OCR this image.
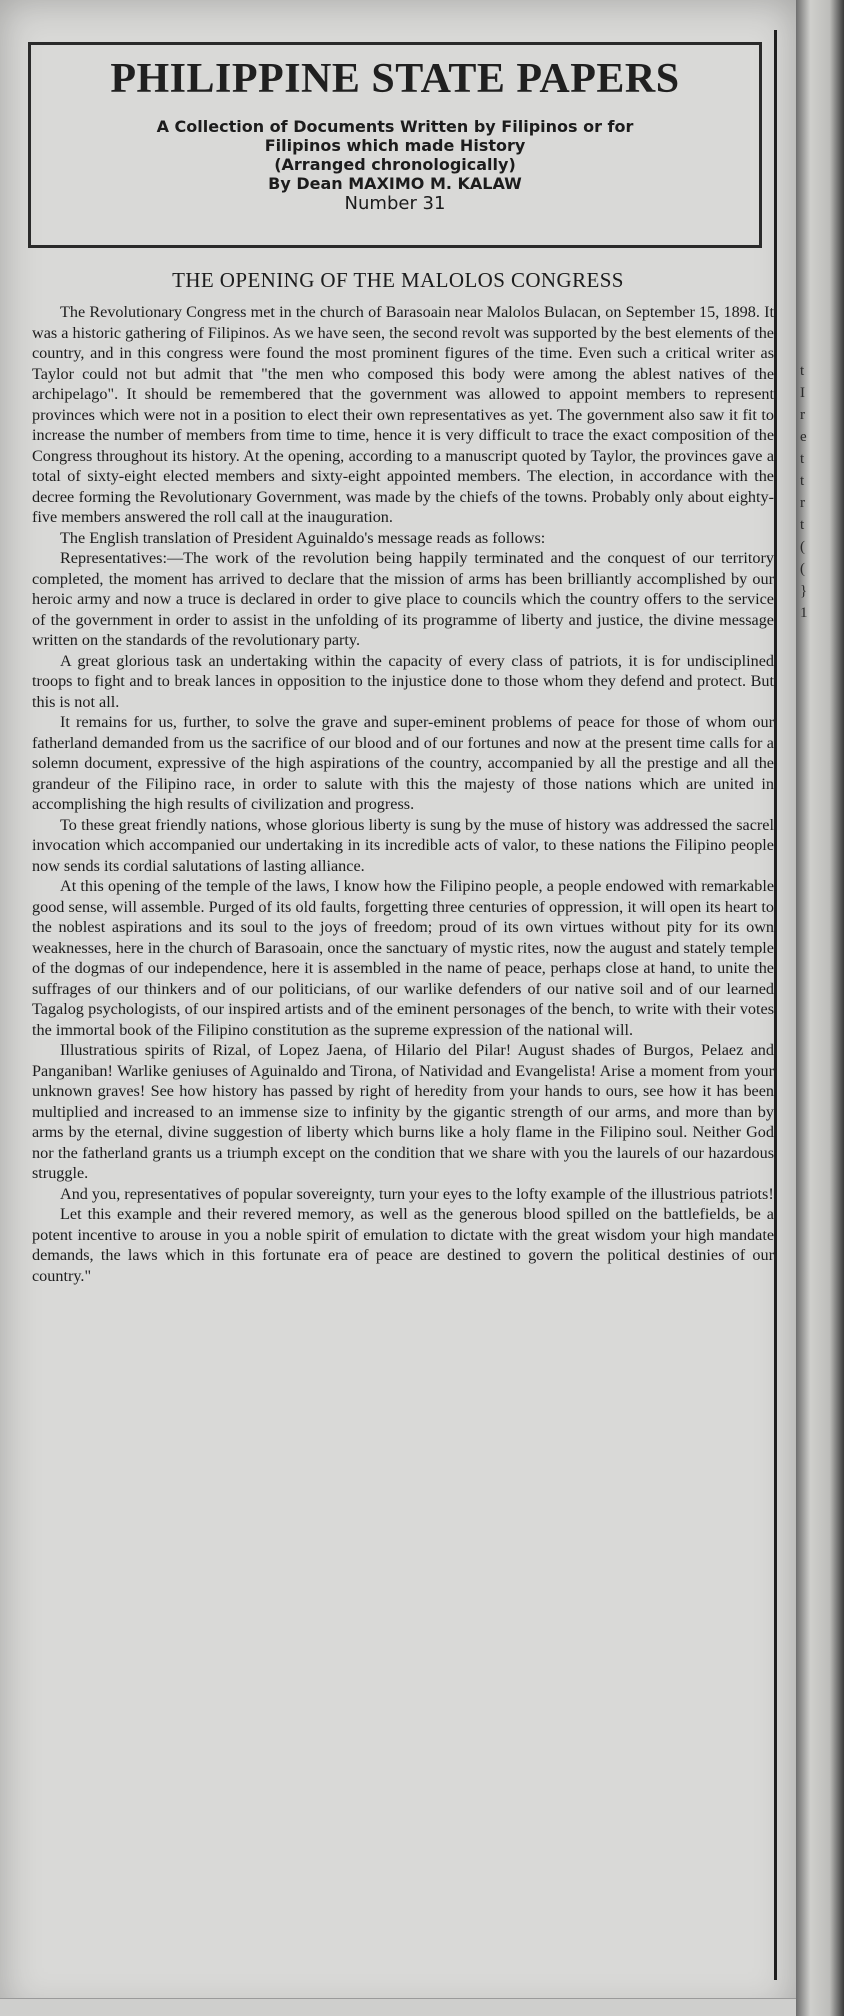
PHILIPPINE STATE PAPERS
A Collection of Documents Written by Filipinos or for
Filipinos which made History
(Arranged chronologically)
By Dean MAXIMO M. KALAW
Number 31
THE OPENING OF THE MALOLOS CONGRESS

The Revolutionary Congress met in the church of Barasoain near Malolos Bulacan, on September 15, 1898. It was a historic gathering of Filipinos. As we have seen, the second revolt was supported by the best elements of the country, and in this congress were found the most prominent figures of the time. Even such a critical writer as Taylor could not but admit that "the men who composed this body were among the ablest natives of the archipelago". It should be remembered that the government was allowed to appoint members to represent provinces which were not in a position to elect their own representatives as yet. The government also saw it fit to increase the number of members from time to time, hence it is very difficult to trace the exact composition of the Congress throughout its history. At the opening, according to a manuscript quoted by Taylor, the provinces gave a total of sixty-eight elected members and sixty-eight appointed members. The election, in accordance with the decree forming the Revolutionary Government, was made by the chiefs of the towns. Probably only about eighty-five members answered the roll call at the inauguration.

The English translation of President Aguinaldo's message reads as follows:

Representatives:—The work of the revolution being happily terminated and the conquest of our territory completed, the moment has arrived to declare that the mission of arms has been brilliantly accomplished by our heroic army and now a truce is declared in order to give place to councils which the country offers to the service of the government in order to assist in the unfolding of its programme of liberty and justice, the divine message written on the standards of the revolutionary party.

A great glorious task an undertaking within the capacity of every class of patriots, it is for undisciplined troops to fight and to break lances in opposition to the injustice done to those whom they defend and protect. But this is not all.

It remains for us, further, to solve the grave and super-eminent problems of peace for those of whom our fatherland demanded from us the sacrifice of our blood and of our fortunes and now at the present time calls for a solemn document, expressive of the high aspirations of the country, accompanied by all the prestige and all the grandeur of the Filipino race, in order to salute with this the majesty of those nations which are united in accomplishing the high results of civilization and progress.

To these great friendly nations, whose glorious liberty is sung by the muse of history was addressed the sacrel invocation which accompanied our undertaking in its incredible acts of valor, to these nations the Filipino people now sends its cordial salutations of lasting alliance.

At this opening of the temple of the laws, I know how the Filipino people, a people endowed with remarkable good sense, will assemble. Purged of its old faults, forgetting three centuries of oppression, it will open its heart to the noblest aspirations and its soul to the joys of freedom; proud of its own virtues without pity for its own weaknesses, here in the church of Barasoain, once the sanctuary of mystic rites, now the august and stately temple of the dogmas of our independence, here it is assembled in the name of peace, perhaps close at hand, to unite the suffrages of our thinkers and of our politicians, of our warlike defenders of our native soil and of our learned Tagalog psychologists, of our inspired artists and of the eminent personages of the bench, to write with their votes the immortal book of the Filipino constitution as the supreme expression of the national will.

Illustratious spirits of Rizal, of Lopez Jaena, of Hilario del Pilar! August shades of Burgos, Pelaez and Panganiban! Warlike geniuses of Aguinaldo and Tirona, of Natividad and Evangelista! Arise a moment from your unknown graves! See how history has passed by right of heredity from your hands to ours, see how it has been multiplied and increased to an immense size to infinity by the gigantic strength of our arms, and more than by arms by the eternal, divine suggestion of liberty which burns like a holy flame in the Filipino soul. Neither God nor the fatherland grants us a triumph except on the condition that we share with you the laurels of our hazardous struggle.

And you, representatives of popular sovereignty, turn your eyes to the lofty example of the illustrious patriots!

Let this example and their revered memory, as well as the generous blood spilled on the battlefields, be a potent incentive to arouse in you a noble spirit of emulation to dictate with the great wisdom your high mandate demands, the laws which in this fortunate era of peace are destined to govern the political destinies of our country."

t
I
r
e
t
t
r
t
(
(
}
1
